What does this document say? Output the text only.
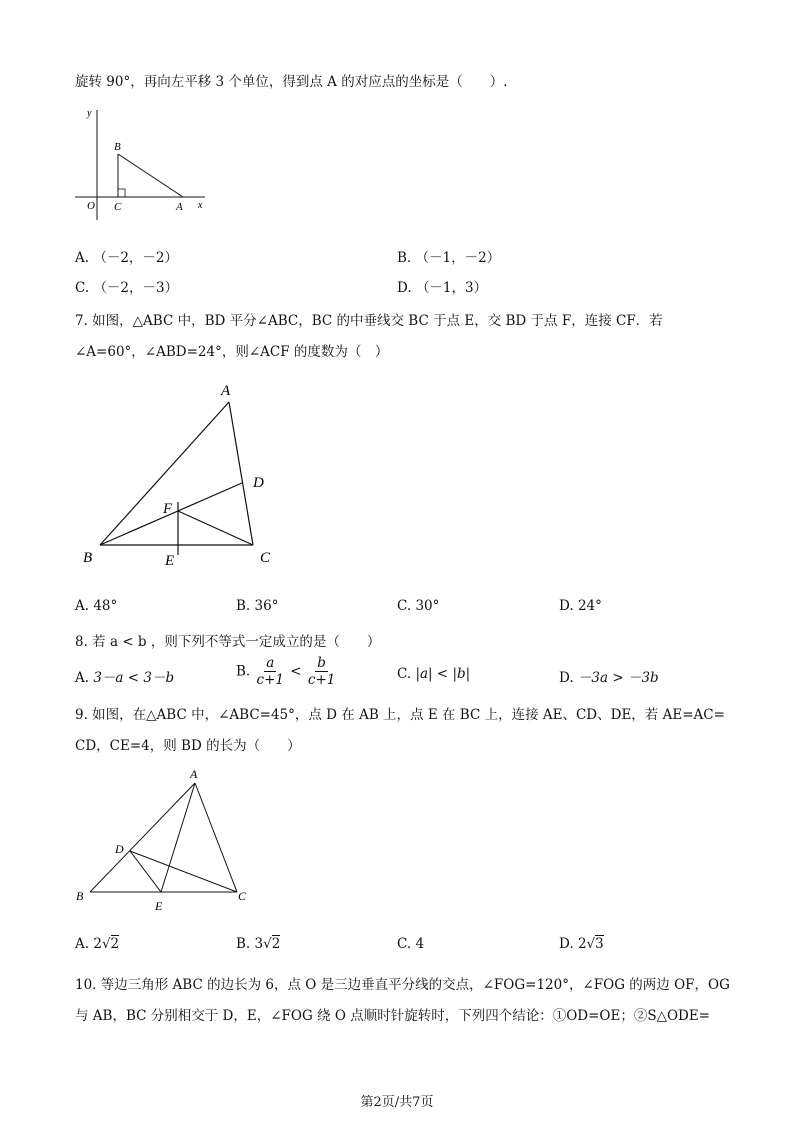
旋转 90°，再向左平移 3 个单位，得到点 A 的对应点的坐标是（　　）.
y
x
O
B
C	A
A. （－2，－2）	B. （－1，－2）
C. （－2，－3）	D. （－1，3）
7. 如图，△ABC 中，BD 平分∠ABC，BC 的中垂线交 BC 于点 E，交 BD 于点 F，连接 CF．若
∠A=60°，∠ABD=24°，则∠ACF 的度数为（　）
A
B	C
D
E
F
A. 48°	B. 36°	C. 30°	D. 24°
8. 若 a < b ，则下列不等式一定成立的是（　　）
A. 3－a < 3－b	B. $\frac{a}{c+1} < \frac{b}{c+1}$	C. |a| < |b|	D. －3a > －3b
9. 如图，在△ABC 中，∠ABC=45°，点 D 在 AB 上，点 E 在 BC 上，连接 AE、CD、DE，若 AE=AC=
CD，CE=4，则 BD 的长为（　　）
A
B	C
D
E
A. 2√2	B. 3√2	C. 4	D. 2√3
10. 等边三角形 ABC 的边长为 6，点 O 是三边垂直平分线的交点，∠FOG=120°，∠FOG 的两边 OF，OG
与 AB，BC 分别相交于 D，E，∠FOG 绕 O 点顺时针旋转时，下列四个结论：①OD=OE；②S△ODE=
第2页/共7页
